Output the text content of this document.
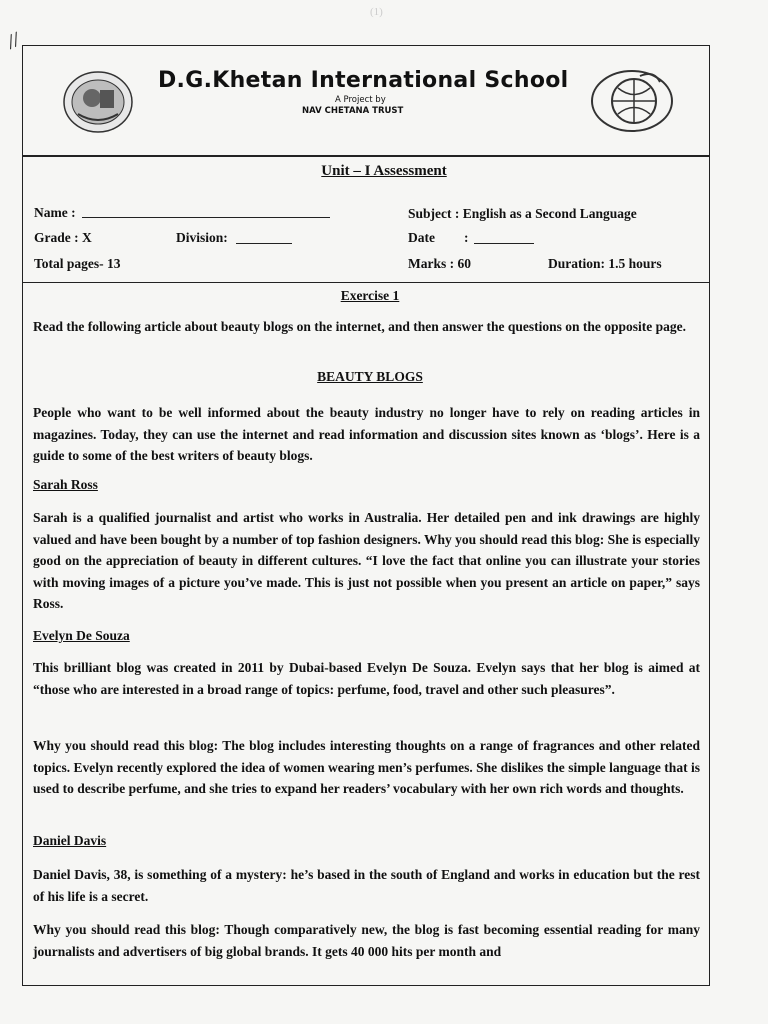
(1)
//
D.G.Khetan International School
A Project by
NAV CHETANA TRUST
Unit – I Assessment
Name :	Subject : English as a Second Language
Grade : X	Division:	Date :
Total pages- 13	Marks : 60	Duration: 1.5 hours
Exercise 1
Read the following article about beauty blogs on the internet, and then answer the questions on the opposite page.
BEAUTY BLOGS
People who want to be well informed about the beauty industry no longer have to rely on reading articles in magazines. Today, they can use the internet and read information and discussion sites known as ‘blogs’. Here is a guide to some of the best writers of beauty blogs.
Sarah Ross
Sarah is a qualified journalist and artist who works in Australia. Her detailed pen and ink drawings are highly valued and have been bought by a number of top fashion designers. Why you should read this blog: She is especially good on the appreciation of beauty in different cultures. “I love the fact that online you can illustrate your stories with moving images of a picture you’ve made. This is just not possible when you present an article on paper,” says Ross.
Evelyn De Souza
This brilliant blog was created in 2011 by Dubai-based Evelyn De Souza. Evelyn says that her blog is aimed at “those who are interested in a broad range of topics: perfume, food, travel and other such pleasures”.
Why you should read this blog: The blog includes interesting thoughts on a range of fragrances and other related topics. Evelyn recently explored the idea of women wearing men’s perfumes. She dislikes the simple language that is used to describe perfume, and she tries to expand her readers’ vocabulary with her own rich words and thoughts.
Daniel Davis
Daniel Davis, 38, is something of a mystery: he’s based in the south of England and works in education but the rest of his life is a secret.
Why you should read this blog: Though comparatively new, the blog is fast becoming essential reading for many journalists and advertisers of big global brands. It gets 40 000 hits per month and
